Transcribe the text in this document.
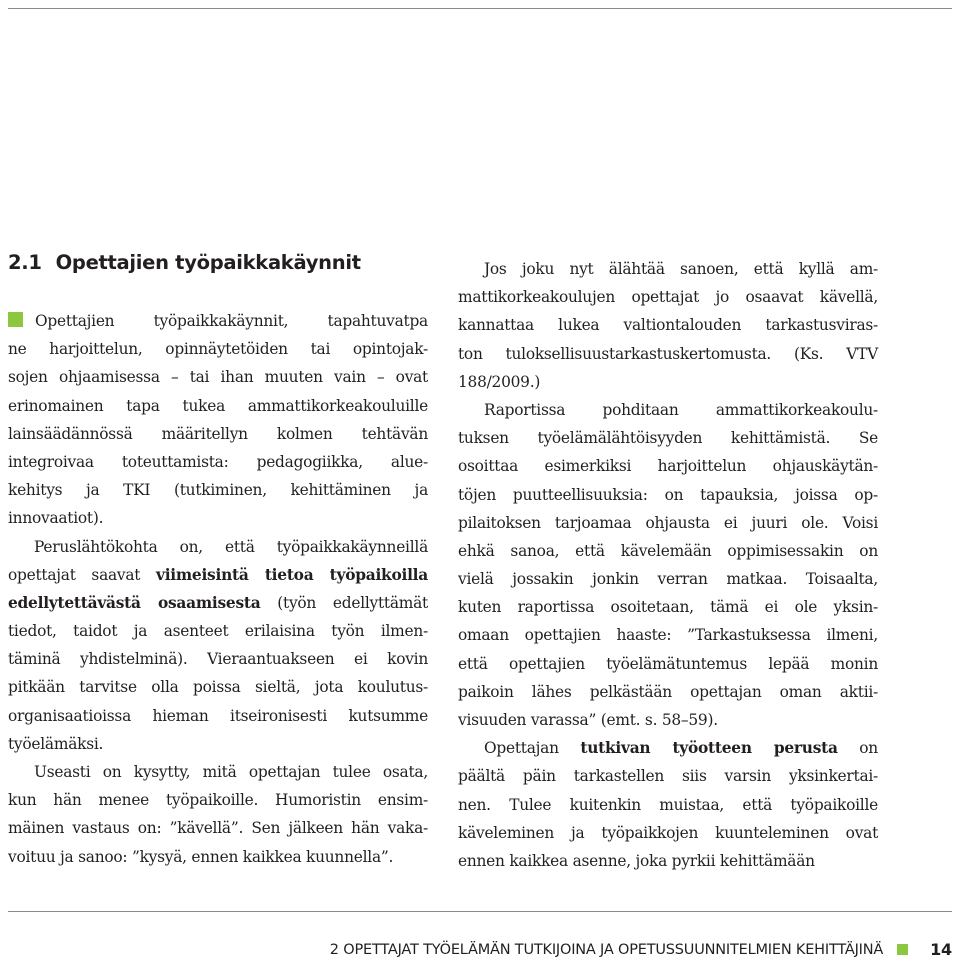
2.1 Opettajien työpaikkakäynnit
Opettajien työpaikkakäynnit, tapahtuvatpa
ne harjoittelun, opinnäytetöiden tai opintojak-
sojen ohjaamisessa – tai ihan muuten vain – ovat
erinomainen tapa tukea ammattikorkeakouluille
lainsäädännössä määritellyn kolmen tehtävän
integroivaa toteuttamista: pedagogiikka, alue-
kehitys ja TKI (tutkiminen, kehittäminen ja
innovaatiot).
Peruslähtökohta on, että työpaikkakäynneillä
opettajat saavat viimeisintä tietoa työpaikoilla
edellytettävästä osaamisesta (työn edellyttämät
tiedot, taidot ja asenteet erilaisina työn ilmen-
täminä yhdistelminä). Vieraantuakseen ei kovin
pitkään tarvitse olla poissa sieltä, jota koulutus-
organisaatioissa hieman itseironisesti kutsumme
työelämäksi.
Useasti on kysytty, mitä opettajan tulee osata,
kun hän menee työpaikoille. Humoristin ensim-
mäinen vastaus on: ”kävellä”. Sen jälkeen hän vaka-
voituu ja sanoo: ”kysyä, ennen kaikkea kuunnella”.
Jos joku nyt älähtää sanoen, että kyllä am-
mattikorkeakoulujen opettajat jo osaavat kävellä,
kannattaa lukea valtiontalouden tarkastusviras-
ton tuloksellisuustarkastuskertomusta. (Ks. VTV
188/2009.)
Raportissa pohditaan ammattikorkeakoulu-
tuksen työelämälähtöisyyden kehittämistä. Se
osoittaa esimerkiksi harjoittelun ohjauskäytän-
töjen puutteellisuuksia: on tapauksia, joissa op-
pilaitoksen tarjoamaa ohjausta ei juuri ole. Voisi
ehkä sanoa, että kävelemään oppimisessakin on
vielä jossakin jonkin verran matkaa. Toisaalta,
kuten raportissa osoitetaan, tämä ei ole yksin-
omaan opettajien haaste: ”Tarkastuksessa ilmeni,
että opettajien työelämätuntemus lepää monin
paikoin lähes pelkästään opettajan oman aktii-
visuuden varassa” (emt. s. 58–59).
Opettajan tutkivan työotteen perusta on
päältä päin tarkastellen siis varsin yksinkertai-
nen. Tulee kuitenkin muistaa, että työpaikoille
käveleminen ja työpaikkojen kuunteleminen ovat
ennen kaikkea asenne, joka pyrkii kehittämään
2 OPETTAJAT TYÖELÄMÄN TUTKIJOINA JA OPETUSSUUNNITELMIEN KEHITTÄJINÄ	14
